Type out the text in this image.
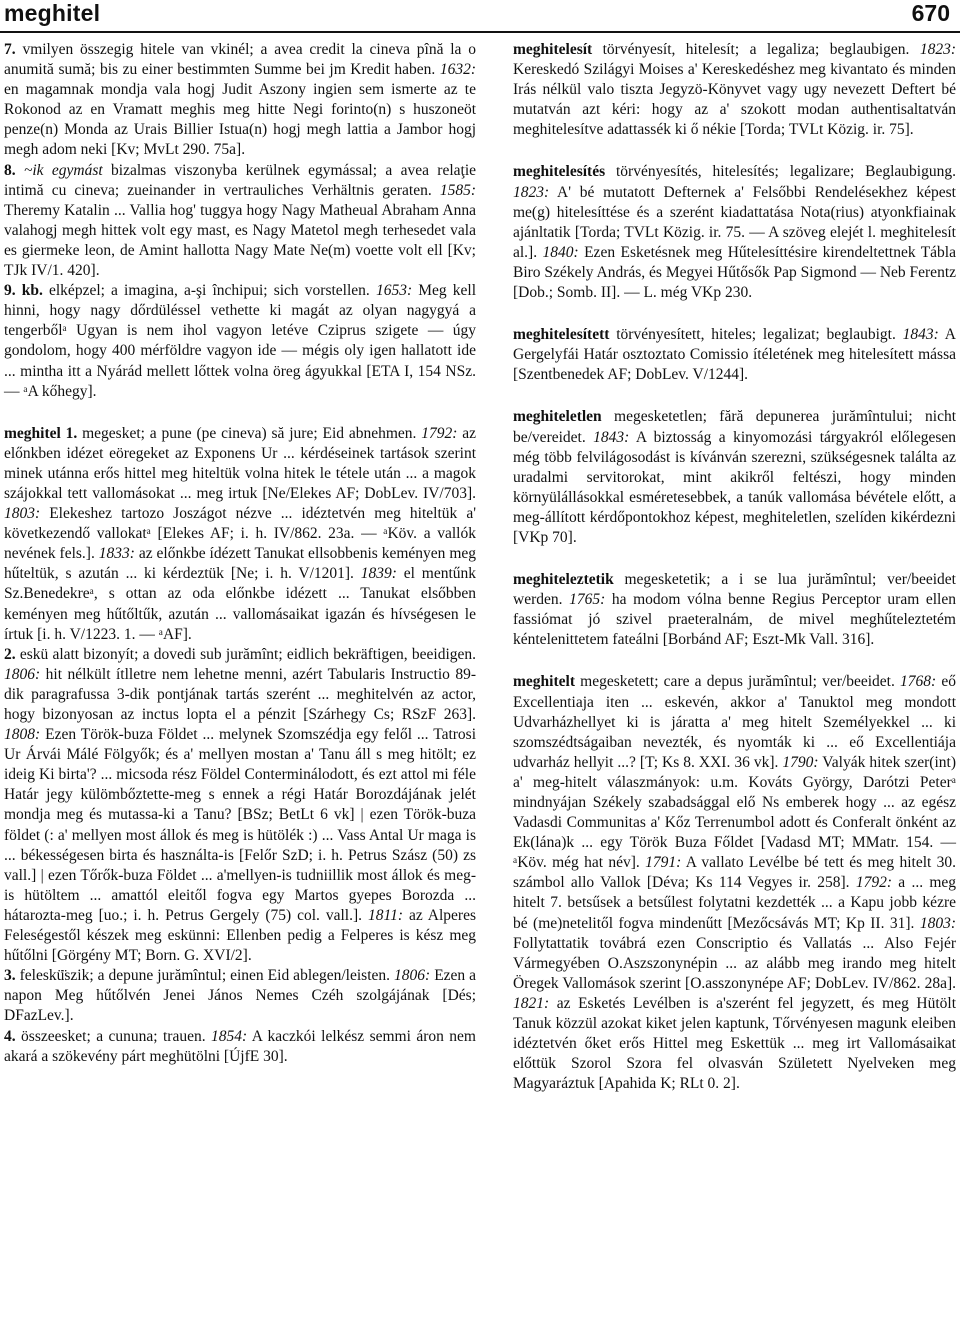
meghitel	670

7. vmilyen összegig hitele van vkinél; a avea credit la cineva pînă la o anumită sumă; bis zu einer bestimmten Summe bei jm Kredit haben. 1632: en magamnak mondja vala hogj Judit Aszony ingien sem ismerte az te Rokonod az en Vramatt meghis meg hitte Negi forinto(n) s huszoneöt penze(n) Monda az Urais Billier Istua(n) hogj megh lattia a Jambor hogj megh adom neki [Kv; MvLt 290. 75a].

8. ~ik egymást bizalmas viszonyba kerülnek egymással; a avea relaţie intimă cu cineva; zueinander in vertrauliches Verhältnis geraten. 1585: Theremy Katalin ... Vallia hog' tuggya hogy Nagy Matheual Abraham Anna valahogj megh hittek volt egy mast, es Nagy Matetol megh terhesedet vala es giermeke leon, de Amint hallotta Nagy Mate Ne(m) voette volt ell [Kv; TJk IV/1. 420].

9. kb. elképzel; a imagina, a-şi închipui; sich vorstellen. 1653: Meg kell hinni, hogy nagy dőrdüléssel vethette ki magát az olyan nagygyá a tengerbőlᵃ Ugyan is nem ihol vagyon letéve Cziprus szigete — úgy gondolom, hogy 400 mérföldre vagyon ide — mégis oly igen hallatott ide ... mintha itt a Nyárád mellett lőttek volna öreg ágyukkal [ETA I, 154 NSz. — ᵃA kőhegy].

meghitel 1. megesket; a pune (pe cineva) să jure; Eid abnehmen. 1792: az előnkben idézet eöregeket az Exponens Ur ... kérdéseinek tartások szerint minek utánna erős hittel meg hiteltük volna hitek le tétele után ... a magok szájokkal tett vallomásokat ... meg irtuk [Ne/Elekes AF; DobLev. IV/703]. 1803: Elekeshez tartozo Joszágot nézve ... idéztetvén meg hiteltük a' következendő vallokatᵃ [Elekes AF; i. h. IV/862. 23a. — ᵃKöv. a vallók nevének fels.]. 1833: az előnkbe ídézett Tanukat ellsobbenis keményen meg hűteltük, s azután ... ki kérdeztük [Ne; i. h. V/1201]. 1839: el mentűnk Sz.Benedekreᵃ, s ottan az oda előnkbe idézett ... Tanukat elsőbben keményen meg hűtőltűk, azután ... vallomásaikat igazán és hívségesen le írtuk [i. h. V/1223. 1. — ᵃAF].

2. eskü alatt bizonyít; a dovedi sub jurămînt; eidlich bekräftigen, beeidigen. 1806: hit nélkült ítlletre nem lehetne menni, azért Tabularis Instructio 89-dik paragrafussa 3-dik pontjának tartás szerént ... meghitelvén az actor, hogy bizonyosan az inctus lopta el a pénzit [Szárhegy Cs; RSzF 263]. 1808: Ezen Török-buza Földet ... melynek Szomszédja egy felől ... Tatrosi Ur Árvái Málé Fölgyők; és a' mellyen mostan a' Tanu áll s meg hitölt; ez ideig Ki birta'? ... micsoda rész Földel Conterminálodott, és ezt attol mi féle Határ jegy külömbőztette-meg s ennek a régi Határ Borozdájának jelét mondja meg és mutassa-ki a Tanu? [BSz; BetLt 6 vk] | ezen Török-buza földet (: a' mellyen most állok és meg is hütölék :) ... Vass Antal Ur maga is ... békességesen birta és használta-is [Felőr SzD; i. h. Petrus Szász (50) zs vall.] | ezen Tőrők-buza Földet ... a'mellyen-is tudniillik most állok és meg-is hütöltem ... amattól eleitől fogva egy Martos gyepes Borozda ... hátarozta-meg [uo.; i. h. Petrus Gergely (75) col. vall.]. 1811: az Alperes Feleségestől készek meg eskünni: Ellenben pedig a Felperes is kész meg hűtőlni [Görgény MT; Born. G. XVI/2].

3. feleskü̈szik; a depune jurămîntul; einen Eid ablegen/leisten. 1806: Ezen a napon Meg hűtőlvén Jenei János Nemes Czéh szolgájának [Dés; DFazLev.].

4. összeesket; a cununa; trauen. 1854: A kaczkói lelkész semmi áron nem akará a szökevény párt meghütölni [ÚjfE 30].

meghitelesít törvényesít, hitelesít; a legaliza; beglaubigen. 1823: Kereskedó Szilágyi Moises a' Kereskedéshez meg kivantato és minden Irás nélkül valo tiszta Jegyzö-Könyvet vagy ugy nevezett Deftert bé mutatván azt kéri: hogy az a' szokott modan authentisaltatván meghitelesítve adattassék ki ő nékie [Torda; TVLt Közig. ir. 75].

meghitelesítés törvényesítés, hitelesítés; legalizare; Beglaubigung. 1823: A' bé mutatott Defternek a' Felsőbbi Rendelésekhez képest me(g) hitelesíttése és a szerént kiadattatása Nota(rius) atyonkfiainak ajánltatik [Torda; TVLt Közig. ir. 75. — A szöveg elejét l. meghitelesít al.]. 1840: Ezen Esketésnek meg Hűtelesíttésire kirendeltettnek Tábla Biro Székely András, és Megyei Hűtősők Pap Sigmond — Neb Ferentz [Dob.; Somb. II]. — L. még VKp 230.

meghitelesített törvényesített, hiteles; legalizat; beglaubigt. 1843: A Gergelyfái Határ osztoztato Comissio ítéletének meg hitelesített mássa [Szentbenedek AF; DobLev. V/1244].

meghiteletlen megesketetlen; fără depunerea jurămîntului; nicht be/vereidet. 1843: A biztosság a kinyomozási tárgyakról előlegesen még több felvilágosodást is kívánván szerezni, szükségesnek találta az uradalmi servitorokat, mint akikről feltészi, hogy minden környülállásokkal esméretesebbek, a tanúk vallomása bévétele előtt, a meg-állított kérdőpontokhoz képest, meghiteletlen, szelíden kikérdezni [VKp 70].

meghiteleztetik megesketetik; a i se lua jurămîntul; ver/beeidet werden. 1765: ha modom vólna benne Regius Perceptor uram ellen fassiómat jó szivel praeteralnám, de mivel meghűteleztetém kéntelenittetem fateálni [Borbánd AF; Eszt-Mk Vall. 316].

meghitelt megesketett; care a depus jurămîntul; ver/beeidet. 1768: eő Excellentiaja iten ... eskevén, akkor a' Tanuktol meg mondott Udvarházhellyet ki is járatta a' meg hitelt Személyekkel ... ki szomszédtságaiban nevezték, és nyomták ki ... eő Excellentiája udvarház hellyit ...? [T; Ks 8. XXI. 36 vk]. 1790: Valyák hitek szer(int) a' meg-hitelt válaszmányok: u.m. Kováts György, Darótzi Peterᵃ mindnyájan Székely szabadsággal elő Ns emberek hogy ... az egész Vadasdi Communitas a' Kőz Terrenumbol adott és Conferalt önként az Ek(lána)k ... egy Török Buza Főldet [Vadasd MT; MMatr. 154. — ᵃKöv. még hat név]. 1791: A vallato Levélbe bé tett és meg hitelt 30. számbol allo Vallok [Déva; Ks 114 Vegyes ir. 258]. 1792: a ... meg hitelt 7. betsűsek a betsűlest folytatni kezdették ... a Kapu jobb kézre bé (me)netelitől fogva mindenűtt [Mezőcsávás MT; Kp II. 31]. 1803: Follytattatik továbrá ezen Conscriptio és Vallatás ... Also Fejér Vármegyében O.Aszszonynépin ... az alább meg irando meg hitelt Öregek Vallomások szerint [O.asszonynépe AF; DobLev. IV/862. 28a]. 1821: az Esketés Levélben is a'szerént fel jegyzett, és meg Hütölt Tanuk közzül azokat kiket jelen kaptunk, Tőrvényesen magunk eleiben idéztetvén őket erős Hittel meg Eskettük ... meg irt Vallomásaikat előttük Szorol Szora fel olvasván Született Nyelveken meg Magyaráztuk [Apahida K; RLt 0. 2].
